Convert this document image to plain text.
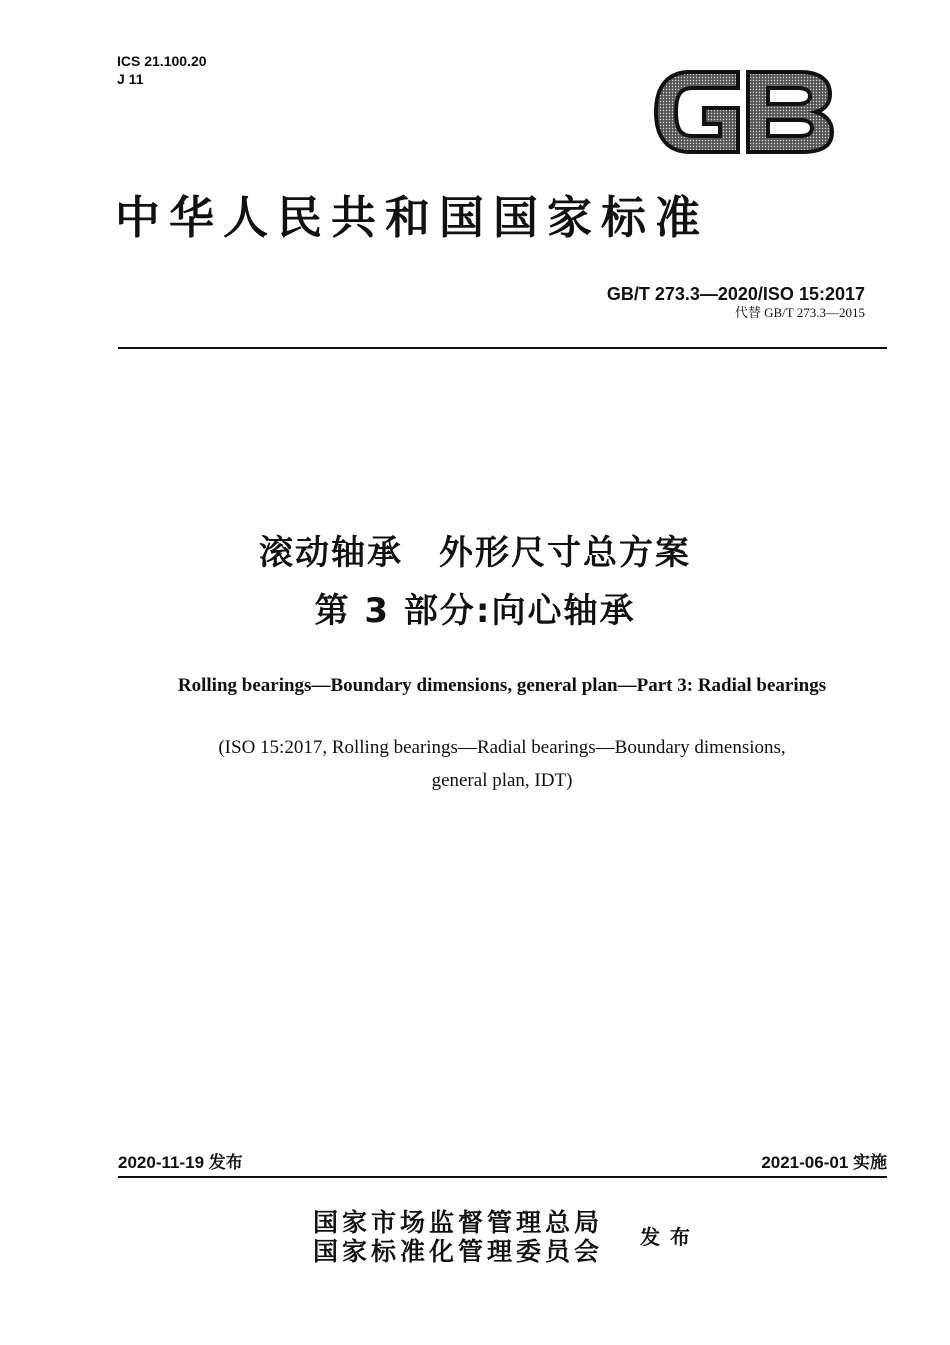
ICS 21.100.20
J 11
GB
中华人民共和国国家标准
GB/T 273.3—2020/ISO 15:2017
代替 GB/T 273.3—2015
滚动轴承　外形尺寸总方案
第 3 部分:向心轴承
Rolling bearings—Boundary dimensions, general plan—Part 3: Radial bearings
(ISO 15:2017, Rolling bearings—Radial bearings—Boundary dimensions,
general plan, IDT)
2020-11-19 发布	2021-06-01 实施
国家市场监督管理总局
国家标准化管理委员会 发布
